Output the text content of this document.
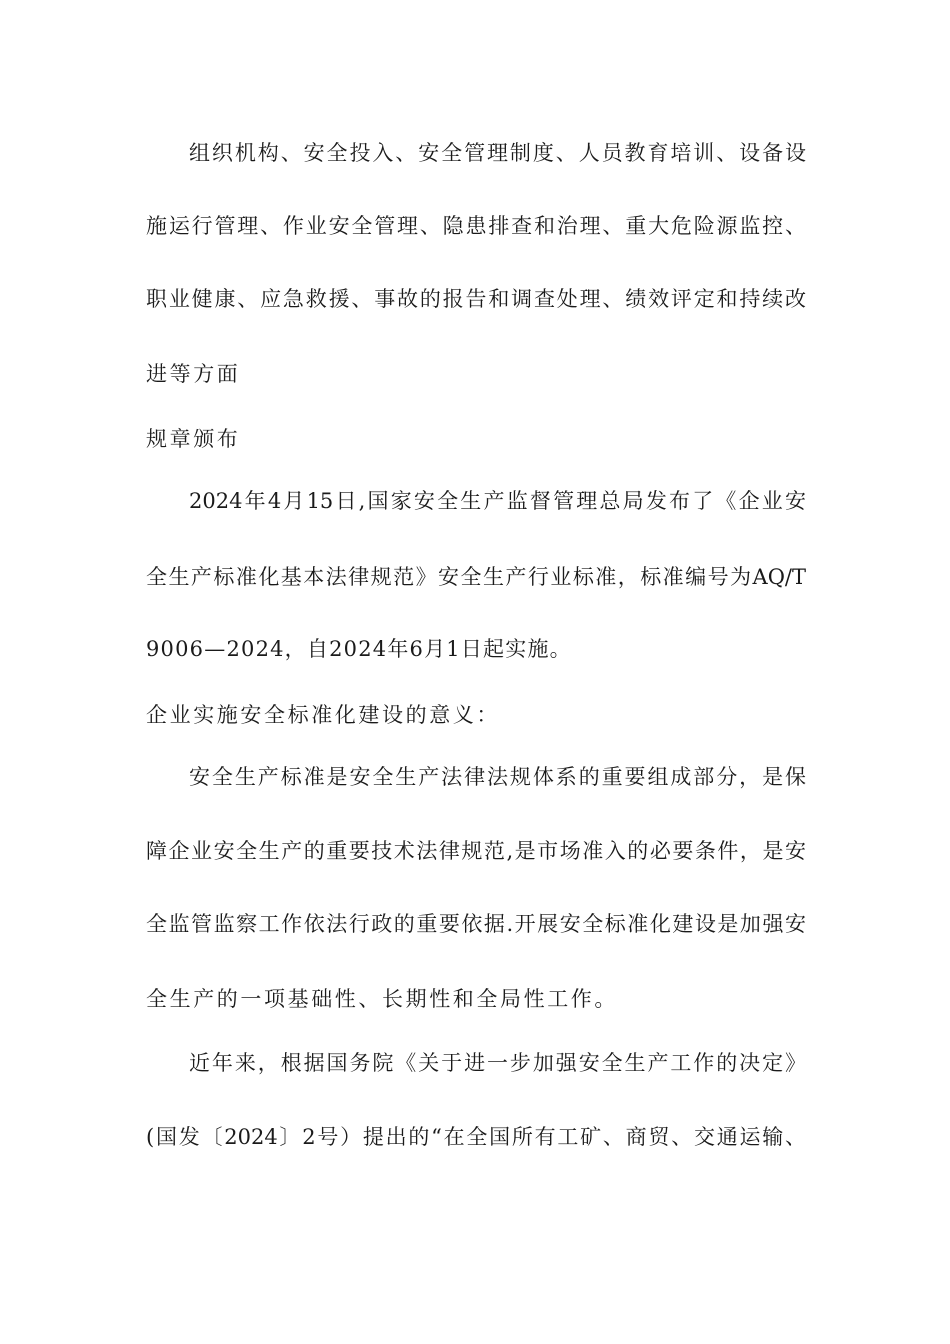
组织机构、安全投入、安全管理制度、人员教育培训、设备设
施运行管理、作业安全管理、隐患排查和治理、重大危险源监控、
职业健康、应急救援、事故的报告和调查处理、绩效评定和持续改
进等方面
规章颁布
2024年4月15日,国家安全生产监督管理总局发布了《企业安
全生产标准化基本法律规范》安全生产行业标准，标准编号为AQ/T
9006—2024，自2024年6月1日起实施。
企业实施安全标准化建设的意义：
安全生产标准是安全生产法律法规体系的重要组成部分，是保
障企业安全生产的重要技术法律规范,是市场准入的必要条件，是安
全监管监察工作依法行政的重要依据.开展安全标准化建设是加强安
全生产的一项基础性、长期性和全局性工作。
近年来，根据国务院《关于进一步加强安全生产工作的决定》
(国发〔2024〕2号）提出的“在全国所有工矿、商贸、交通运输、
